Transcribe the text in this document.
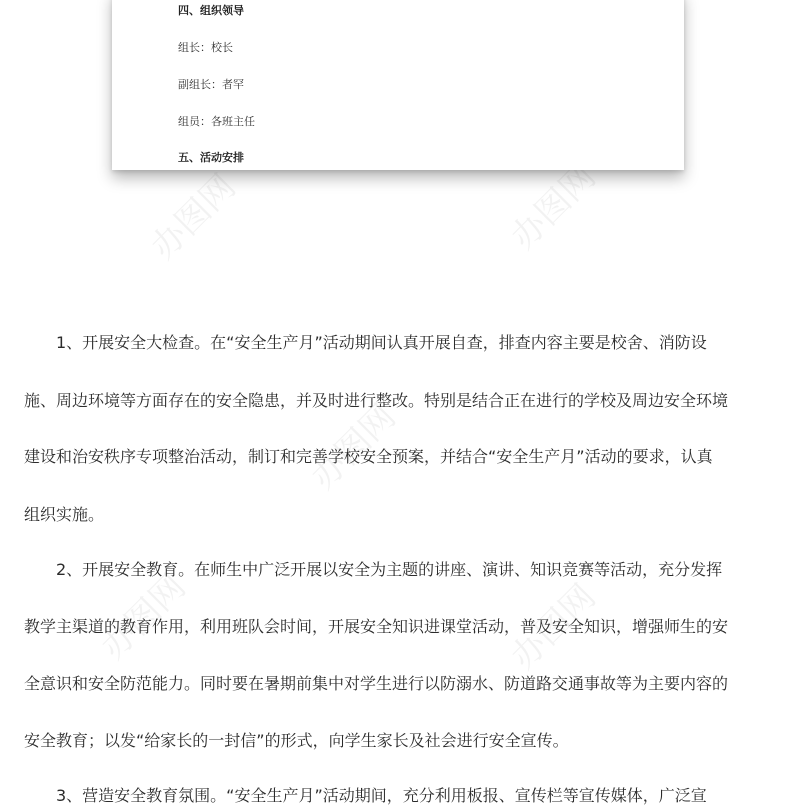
办图网	办图网
办图网
办图网	办图网
四、组织领导
组长：校长
副组长：者罕
组员：各班主任
五、活动安排
1、开展安全大检查。在“安全生产月”活动期间认真开展自查，排查内容主要是校舍、消防设
施、周边环境等方面存在的安全隐患，并及时进行整改。特别是结合正在进行的学校及周边安全环境
建设和治安秩序专项整治活动，制订和完善学校安全预案，并结合“安全生产月”活动的要求，认真
组织实施。
2、开展安全教育。在师生中广泛开展以安全为主题的讲座、演讲、知识竞赛等活动，充分发挥
教学主渠道的教育作用，利用班队会时间，开展安全知识进课堂活动，普及安全知识，增强师生的安
全意识和安全防范能力。同时要在暑期前集中对学生进行以防溺水、防道路交通事故等为主要内容的
安全教育；以发“给家长的一封信”的形式，向学生家长及社会进行安全宣传。
3、营造安全教育氛围。“安全生产月”活动期间，充分利用板报、宣传栏等宣传媒体，广泛宣
